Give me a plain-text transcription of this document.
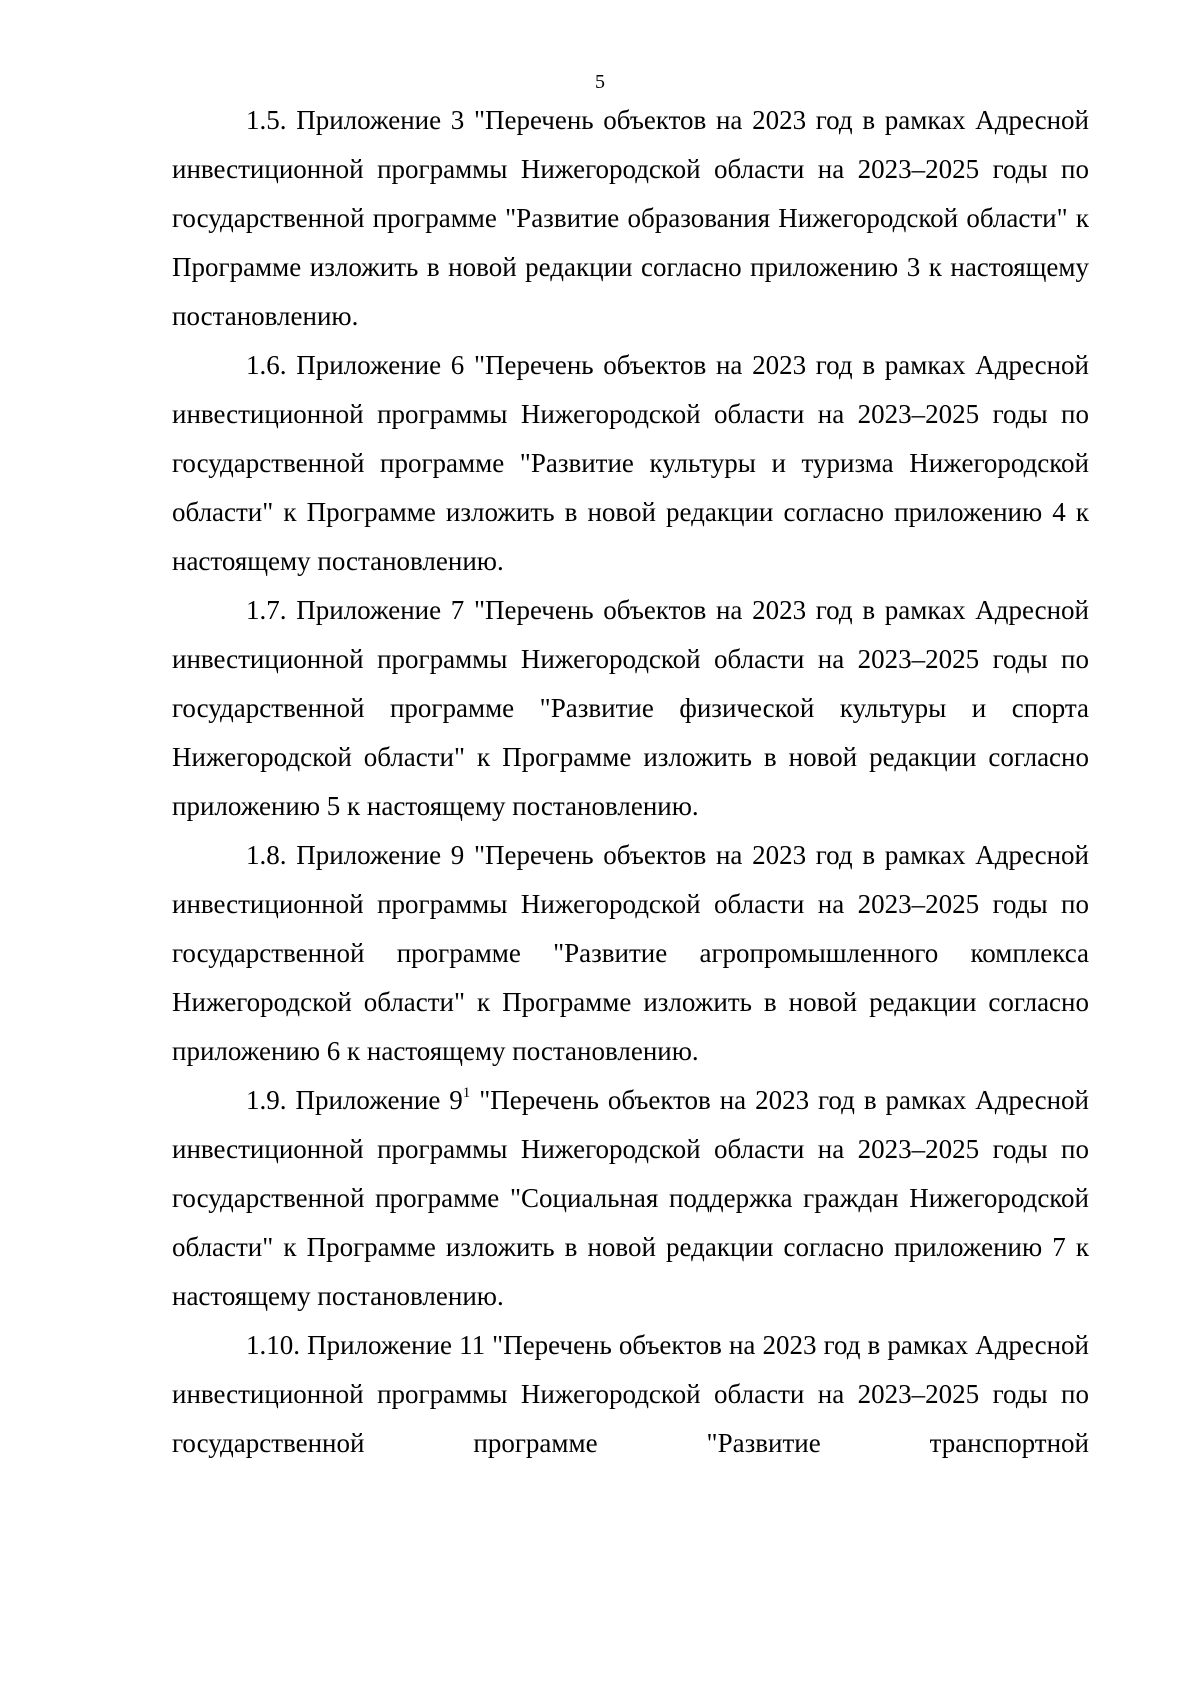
5

1.5. Приложение 3 "Перечень объектов на 2023 год в рамках Адресной инвестиционной программы Нижегородской области на 2023–2025 годы по государственной программе "Развитие образования Нижегородской области" к Программе изложить в новой редакции согласно приложению 3 к настоящему постановлению.

1.6. Приложение 6 "Перечень объектов на 2023 год в рамках Адресной инвестиционной программы Нижегородской области на 2023–2025 годы по государственной программе "Развитие культуры и туризма Нижегородской области" к Программе изложить в новой редакции согласно приложению 4 к настоящему постановлению.

1.7. Приложение 7 "Перечень объектов на 2023 год в рамках Адресной инвестиционной программы Нижегородской области на 2023–2025 годы по государственной программе "Развитие физической культуры и спорта Нижегородской области" к Программе изложить в новой редакции согласно приложению 5 к настоящему постановлению.

1.8. Приложение 9 "Перечень объектов на 2023 год в рамках Адресной инвестиционной программы Нижегородской области на 2023–2025 годы по государственной программе "Развитие агропромышленного комплекса Нижегородской области" к Программе изложить в новой редакции согласно приложению 6 к настоящему постановлению.

1.9. Приложение $9^1$ "Перечень объектов на 2023 год в рамках Адресной инвестиционной программы Нижегородской области на 2023–2025 годы по государственной программе "Социальная поддержка граждан Нижегородской области" к Программе изложить в новой редакции согласно приложению 7 к настоящему постановлению.

1.10. Приложение 11 "Перечень объектов на 2023 год в рамках Адресной инвестиционной программы Нижегородской области на 2023–2025 годы по государственной программе "Развитие транспортной
